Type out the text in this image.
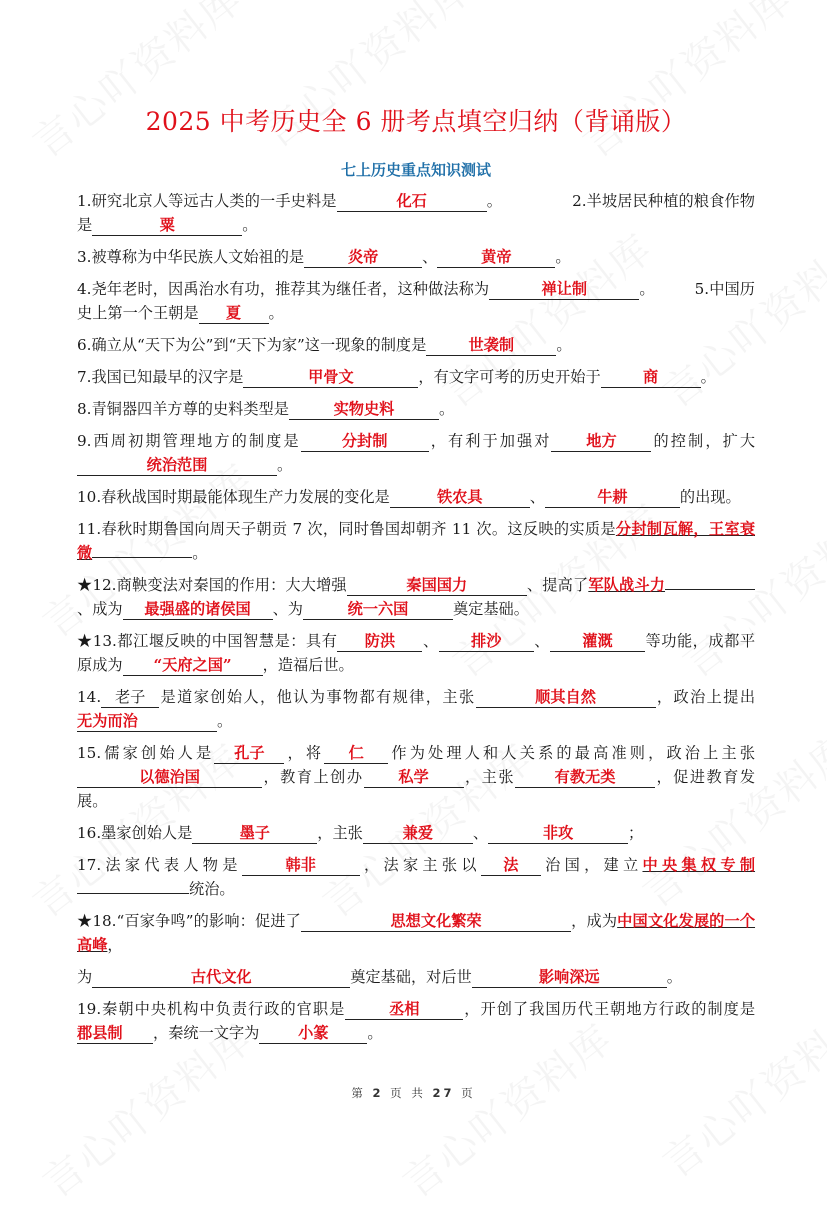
2025 中考历史全 6 册考点填空归纳（背诵版）
七上历史重点知识测试

1.研究北京人等远古人类的一手史料是	化石	。	2.半坡居民种植的粮食作物是	粟	。

3.被尊称为中华民族人文始祖的是	炎帝	、	黄帝	。

4.尧年老时，因禹治水有功，推荐其为继任者，这种做法称为	禅让制	。	5.中国历史上第一个王朝是 夏 。

6.确立从“天下为公”到“天下为家”这一现象的制度是	世袭制	。

7.我国已知最早的汉字是	甲骨文	，有文字可考的历史开始于	商	。

8.青铜器四羊方尊的史料类型是	实物史料	。

9.西周初期管理地方的制度是	分封制	，有利于加强对 地方 的控制，扩大统治范围	。

10.春秋战国时期最能体现生产力发展的变化是	铁农具	、	牛耕	的出现。

11.春秋时期鲁国向周天子朝贡 7 次，同时鲁国却朝齐 11 次。这反映的实质是分封制瓦解，王室衰微	。

★12.商鞅变法对秦国的作用：大大增强	秦国国力	、提高了军队战斗力、成为 最强盛的诸侯国 、为	统一六国	奠定基础。

★13.都江堰反映的中国智慧是：具有 防洪 、 排沙 、 灌溉 等功能，成都平原成为 “天府之国” ，造福后世。

14. 老子 是道家创始人，他认为事物都有规律，主张	顺其自然	，政治上提出无为而治	。

15.儒家创始人是 孔子 ，将 仁 作为处理人和人关系的最高准则，政治上主张以德治国	，教育上创办 私学 ，主张	有教无类	，促进教育发展。

16.墨家创始人是	墨子	，主张	兼爱	、	非攻	；

17.法家代表人物是	韩非	，法家主张以 法 治国，建立中央集权专制统治。

★18.“百家争鸣”的影响：促进了	思想文化繁荣	，成为中国文化发展的一个高峰，

为	古代文化	奠定基础，对后世	影响深远	。

19.秦朝中央机构中负责行政的官职是	丞相	，开创了我国历代王朝地方行政的制度是郡县制 ，秦统一文字为	小篆	。

第 2 页 共 27 页
